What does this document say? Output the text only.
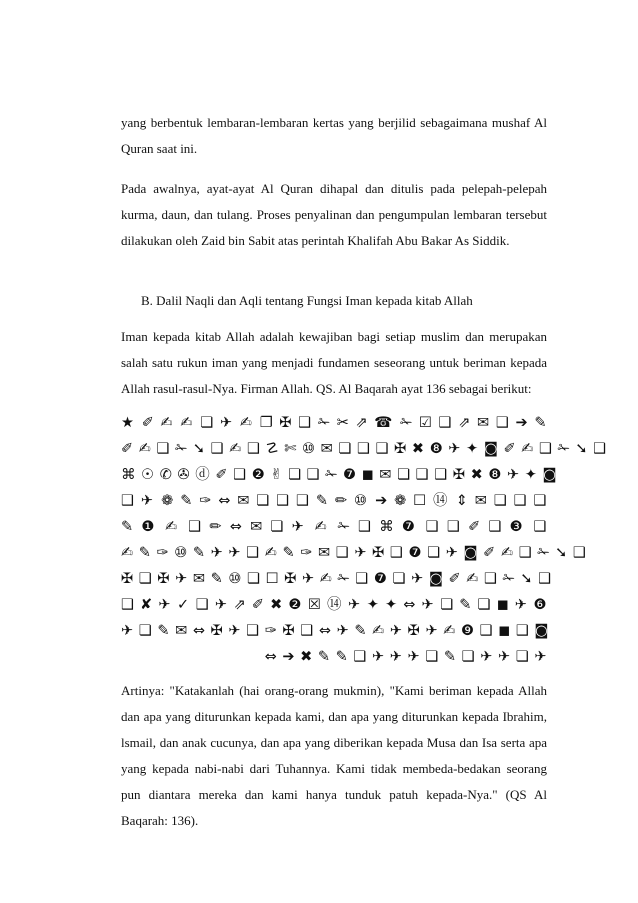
yang berbentuk lembaran-lembaran kertas yang berjilid sebagaimana mushaf Al Quran saat ini.

Pada awalnya, ayat-ayat Al Quran dihapal dan ditulis pada pelepah-pelepah kurma, daun, dan tulang. Proses penyalinan dan pengumpulan lembaran tersebut dilakukan oleh Zaid bin Sabit atas perintah Khalifah Abu Bakar As Siddik.

B. Dalil Naqli dan Aqli tentang Fungsi Iman kepada kitab Allah

Iman kepada kitab Allah adalah kewajiban bagi setiap muslim dan merupakan salah satu rukun iman yang menjadi fundamen seseorang untuk beriman kepada Allah rasul-rasul-Nya. Firman Allah. QS. Al Baqarah ayat 136 sebagai berikut:

★ ✐ ✍ ✍ ❏ ✈ ✍ ❐ ✠ ❑ ✁ ✂ ⇗ ☎ ✁ ☑ ❑ ⇗ ✉ ❑ ➔ ✎
✐ ✍ ❑ ✁ ➘ ❑ ✍ ❑ ☡ ✄ ⑩ ✉ ❏ ❑ ❑ ✠ ✖ ❽ ✈ ✦ ◙ ✐ ✍ ❑ ✁ ➘ ❑
⌘ ☉ ✆ ✇ ⓓ ✐ ❑ ❷ ✌ ❏ ❑ ✁ ❼ ◼ ✉ ❏ ❑ ❑ ✠ ✖ ❽ ✈ ✦ ◙
❑ ✈ ❁ ✎ ✑ ⇔ ✉ ❏ ❑ ❑ ✎ ✏ ⑩ ➔ ❁ ☐ ⑭ ⇕ ✉ ❏ ❑ ❑
✎ ❶ ✍ ❑ ✏ ⇔ ✉ ❏ ✈ ✍ ✁ ❑ ⌘ ❼ ❑ ❑ ✐ ❑ ❸ ❑
✍ ✎ ✑ ⑩ ✎ ✈ ✈ ❑ ✍ ✎ ✑ ✉ ❑ ✈ ✠ ❑ ❼ ❏ ✈ ◙ ✐ ✍ ❑ ✁ ➘ ❑
✠ ❏ ✠ ✈ ✉ ✎ ⑩ ❏ ☐ ✠ ✈ ✍ ✁ ❑ ❼ ❏ ✈ ◙ ✐ ✍ ❑ ✁ ➘ ❑
❑ ✘ ✈ ✓ ❑ ✈ ⇗ ✐ ✖ ❷ ☒ ⑭ ✈ ✦ ✦ ⇔ ✈ ❏ ✎ ❏ ◼ ✈ ❻
✈ ❏ ✎ ✉ ⇔ ✠ ✈ ❑ ✑ ✠ ❑ ⇔ ✈ ✎ ✍ ✈ ✠ ✈ ✍ ❾ ❑ ◼ ❑ ◙
⇔ ➔ ✖ ✎ ✎ ❑ ✈ ✈ ✈ ❏ ✎ ❏ ✈ ✈ ❏ ✈

Artinya: "Katakanlah (hai orang-orang mukmin), "Kami beriman kepada Allah dan apa yang diturunkan kepada kami, dan apa yang diturunkan kepada Ibrahim, lsmail, dan anak cucunya, dan apa yang diberikan kepada Musa dan Isa serta apa yang kepada nabi-nabi dari Tuhannya. Kami tidak membeda-bedakan seorang pun diantara mereka dan kami hanya tunduk patuh kepada-Nya." (QS Al Baqarah: 136).
